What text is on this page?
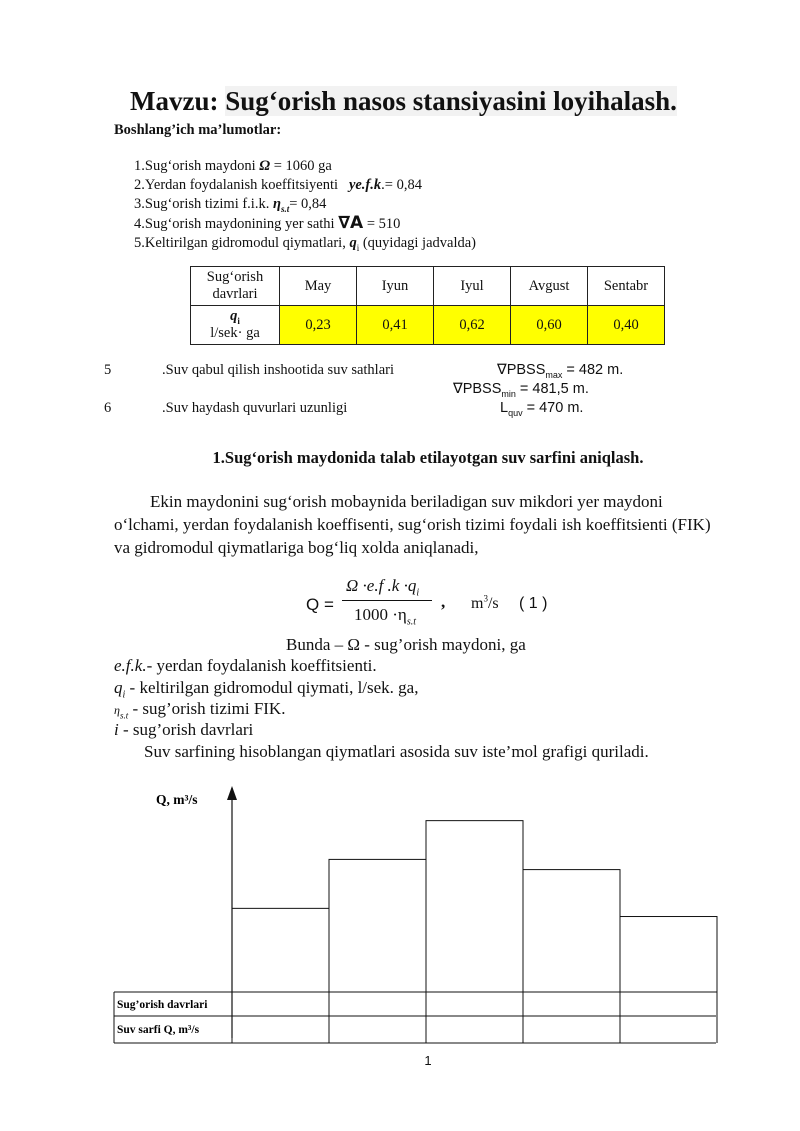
Mavzu: Sug‘orish nasos stansiyasini loyihalash.
Boshlang’ich ma’lumotlar:
1.Sug‘orish maydoni Ω = 1060 ga
2.Yerdan foydalanish koeffitsiyenti   ye.f.k.= 0,84
3.Sug‘orish tizimi f.i.k. $\eta_{s.t}= 0,84$
4.Sug‘orish maydonining yer sathi ∇A = 510
5.Keltirilgan gidromodul qiymatlari, $q_i$ (quyidagi jadvalda)
Sug‘orish davrlari	May	Iyun	Iyul	Avgust	Sentabr
$q_i$
l/sek· ga	0,23	0,41	0,62	0,60	0,40
5	.Suv qabul qilish inshootida suv sathlari	$\nabla PBSS_{max} = 482$ m.
$\nabla PBSS_{min} = 481,5$ m.
6	.Suv haydash quvurlari uzunligi	$L_{quv} = 470$ m.
1.Sug‘orish maydonida talab etilayotgan suv sarfini aniqlash.
Ekin maydonini sug‘orish mobaynida beriladigan suv mikdori yer maydoni o‘lchami, yerdan foydalanish koeffisenti, sug‘orish tizimi foydali ish koeffitsienti (FIK) va gidromodul qiymatlariga bog‘liq xolda aniqlanadi,
Q =
Ω ·e.f $.k \cdot q_i$
$1000 \cdot\eta_{s.t}$
, $m^3/s$ ( 1 )
Bunda – Ω - sug’orish maydoni, ga
e.f.k.- yerdan foydalanish koeffitsienti.
$q_i$ - keltirilgan gidromodul qiymati, l/sek. ga,
$\eta_{s.t}$ - sug’orish tizimi FIK.
i - sug’orish davrlari
Suv sarfining hisoblangan qiymatlari asosida suv iste’mol grafigi quriladi.
Q, m³/s
Sug’orish davrlari
Suv sarfi Q, m³/s
1
